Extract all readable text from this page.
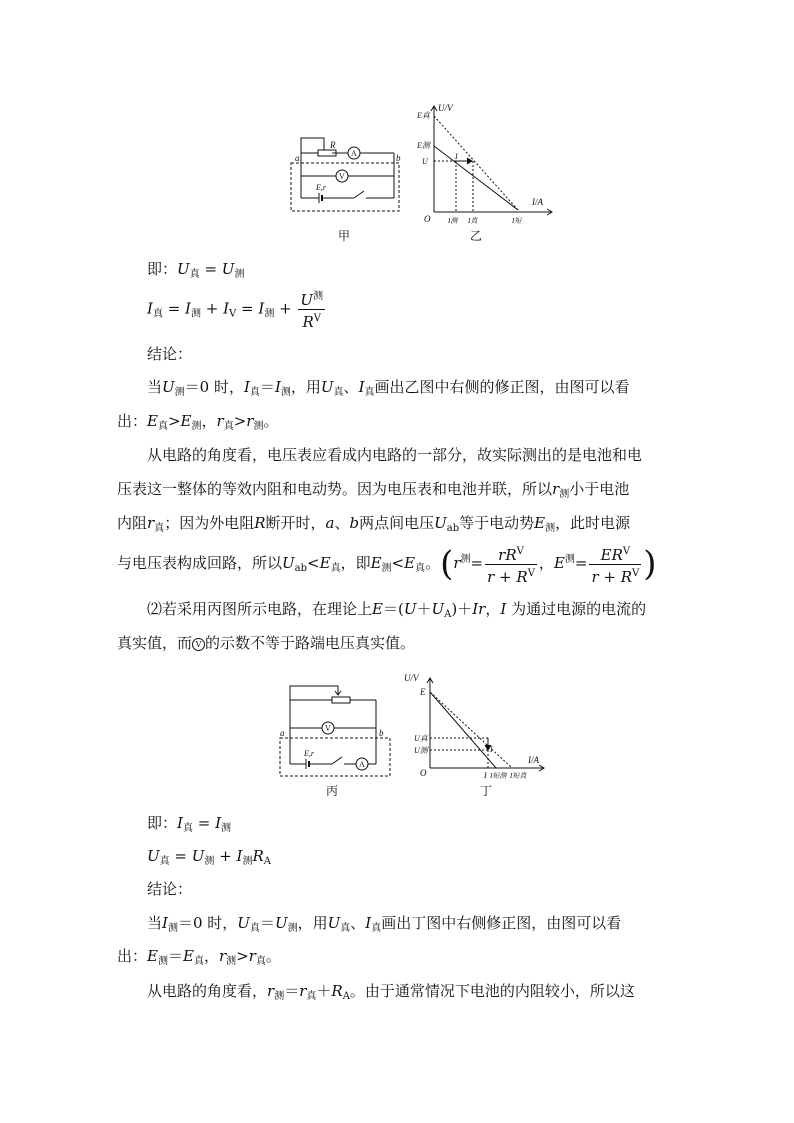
R
A
V
a	b
E,r
甲
U/V
I/A
O
E真
E测
U
I
I测 I真	I短
乙
即：$U_真 = U_测$
$I_真 = I_测 + I_V = I_测 + \frac{U^测}{R^V}$
结论：
当$U_测=0$ 时，$I_真=I_测$，用$U_真$、$I_真$画出乙图中右侧的修正图，由图可以看
出：$E_真>E_测$，$r_真>r_测$。
从电路的角度看，电压表应看成内电路的一部分，故实际测出的是电池和电
压表这一整体的等效内阻和电动势。因为电压表和电池并联，所以$r_测$小于电池
内阻$r_真$；因为外电阻R断开时，a、b两点间电压$U_{ab}$等于电动势$E_测$，此时电源
与电压表构成回路，所以$U_{ab}<E_真$，即$E_测<E_真$。($r^测= \frac{rR^V}{r + R^V}$ ，$E^测= \frac{ER^V}{r + R^V}$ )
⑵若采用丙图所示电路，在理论上$E=(U+U_A)+Ir$，I 为通过电源的电流的
真实值，而 V 的示数不等于路端电压真实值。
V
A
a	b
E,r
丙
U/V
I/A
O
E
U真
U测	I
I I短测 I短真
丁
即：$I_真 = I_测$
$U_真 = U_测 + I_测R_A$
结论：
当$I_测=0$ 时，$U_真=U_测$，用$U_真$、$I_真$画出丁图中右侧修正图，由图可以看
出：$E_测=E_真$，$r_测>r_真$。
从电路的角度看，$r_测=r_真+R_A$。由于通常情况下电池的内阻较小，所以这
